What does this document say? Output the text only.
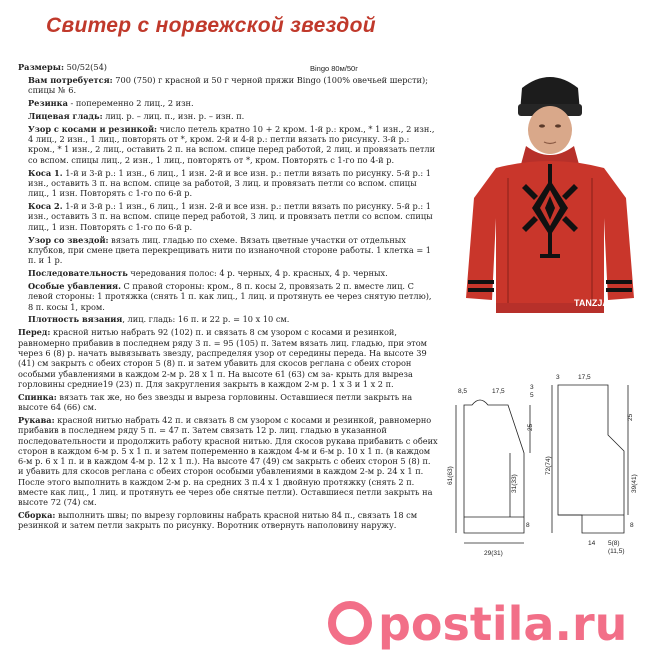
Свитер с норвежской звездой
Bingo 80м/50г

Размеры: 50/52(54)

Вам потребуется: 700 (750) г красной и 50 г черной пряжи Bingo (100% овечьей шерсти); спицы № 6.

Резинка - попеременно 2 лиц., 2 изн.

Лицевая гладь: лиц. р. – лиц. п., изн. р. – изн. п.

Узор с косами и резинкой: число петель кратно 10 + 2 кром. 1-й р.: кром., * 1 изн., 2 изн., 4 лиц., 2 изн., 1 лиц., повторять от *, кром. 2-й и 4-й р.: петли вязать по рисунку. 3-й р.: кром., * 1 изн., 2 лиц., оставить 2 п. на вспом. спице перед работой, 2 лиц. и провязать петли со вспом. спицы лиц., 2 изн., 1 лиц., повторять от *, кром. Повторять с 1-го по 4-й р.

Коса 1. 1-й и 3-й р.: 1 изн., 6 лиц., 1 изн. 2-й и все изн. р.: петли вязать по рисунку. 5-й р.: 1 изн., оставить 3 п. на вспом. спице за работой, 3 лиц. и провязать петли со вспом. спицы лиц., 1 изн. Повторять с 1-го по 6-й р.

Коса 2. 1-й и 3-й р.: 1 изн., 6 лиц., 1 изн. 2-й и все изн. р.: петли вязать по рисунку. 5-й р.: 1 изн., оставить 3 п. на вспом. спице перед работой, 3 лиц. и провязать петли со вспом. спицы лиц., 1 изн. Повторять с 1-го по 6-й р.

Узор со звездой: вязать лиц. гладью по схеме. Вязать цветные участки от отдельных клубков, при смене цвета перекрещивать нити по изнаночной стороне работы. 1 клетка = 1 п. и 1 р.

Последовательность чередования полос: 4 р. черных, 4 р. красных, 4 р. черных.

Особые убавления. С правой стороны: кром., 8 п. косы 2, провязать 2 п. вместе лиц. С левой стороны: 1 протяжка (снять 1 п. как лиц., 1 лиц. и протянуть ее через снятую петлю), 8 п. косы 1, кром.

Плотность вязания, лиц. гладь: 16 п. и 22 р. = 10 х 10 см.

Перед: красной нитью набрать 92 (102) п. и связать 8 см узором с косами и резинкой, равномерно прибавив в последнем ряду 3 п. = 95 (105) п. Затем вязать лиц. гладью, при этом через 6 (8) р. начать вывязывать звезду, распределяя узор от середины переда. На высоте 39 (41) см закрыть с обеих сторон 5 (8) п. и затем убавить для скосов реглана с обеих сторон особыми убавлениями в каждом 2-м р. 28 х 1 п. На высоте 61 (63) см за- крыть для выреза горловины средние19 (23) п. Для закругления закрыть в каждом 2-м р. 1 х 3 и 1 х 2 п.

Спинка: вязать так же, но без звезды и выреза горловины. Оставшиеся петли закрыть на высоте 64 (66) см.

Рукава: красной нитью набрать 42 п. и связать 8 см узором с косами и резинкой, равномерно прибавив в последнем ряду 5 п. = 47 п. Затем связать 12 р. лиц. гладью в указанной последовательности и продолжить работу красной нитью. Для скосов рукава прибавить с обеих сторон в каждом 6-м р. 5 х 1 п. и затем попеременно в каждом 4-м и 6-м р. 10 х 1 п. (в каждом 6-м р. 6 х 1 п. и в каждом 4-м р. 12 х 1 п.). На высоте 47 (49) см закрыть с обеих сторон 5 (8) п. и убавить для скосов реглана с обеих сторон особыми убавлениями в каждом 2-м р. 24 х 1 п. После этого выполнить в каждом 2-м р. на средних 3 п.4 х 1 двойную протяжку (снять 2 п. вместе как лиц., 1 лиц. и протянуть ее через обе снятые петли). Оставшиеся петли закрыть на высоте 72 (74) см.

Сборка: выполнить швы; по вырезу горловины набрать красной нитью 84 п., связать 18 см резинкой и затем петли закрыть по рисунку. Воротник отвернуть наполовину наружу.

TANZJA
8,5	17,5
3
5
25
61(63)	31(33)
8
29(31)
3	17,5
25
72(74)
39(41)
8
14 5(8)
(11,5)
postila.ru
